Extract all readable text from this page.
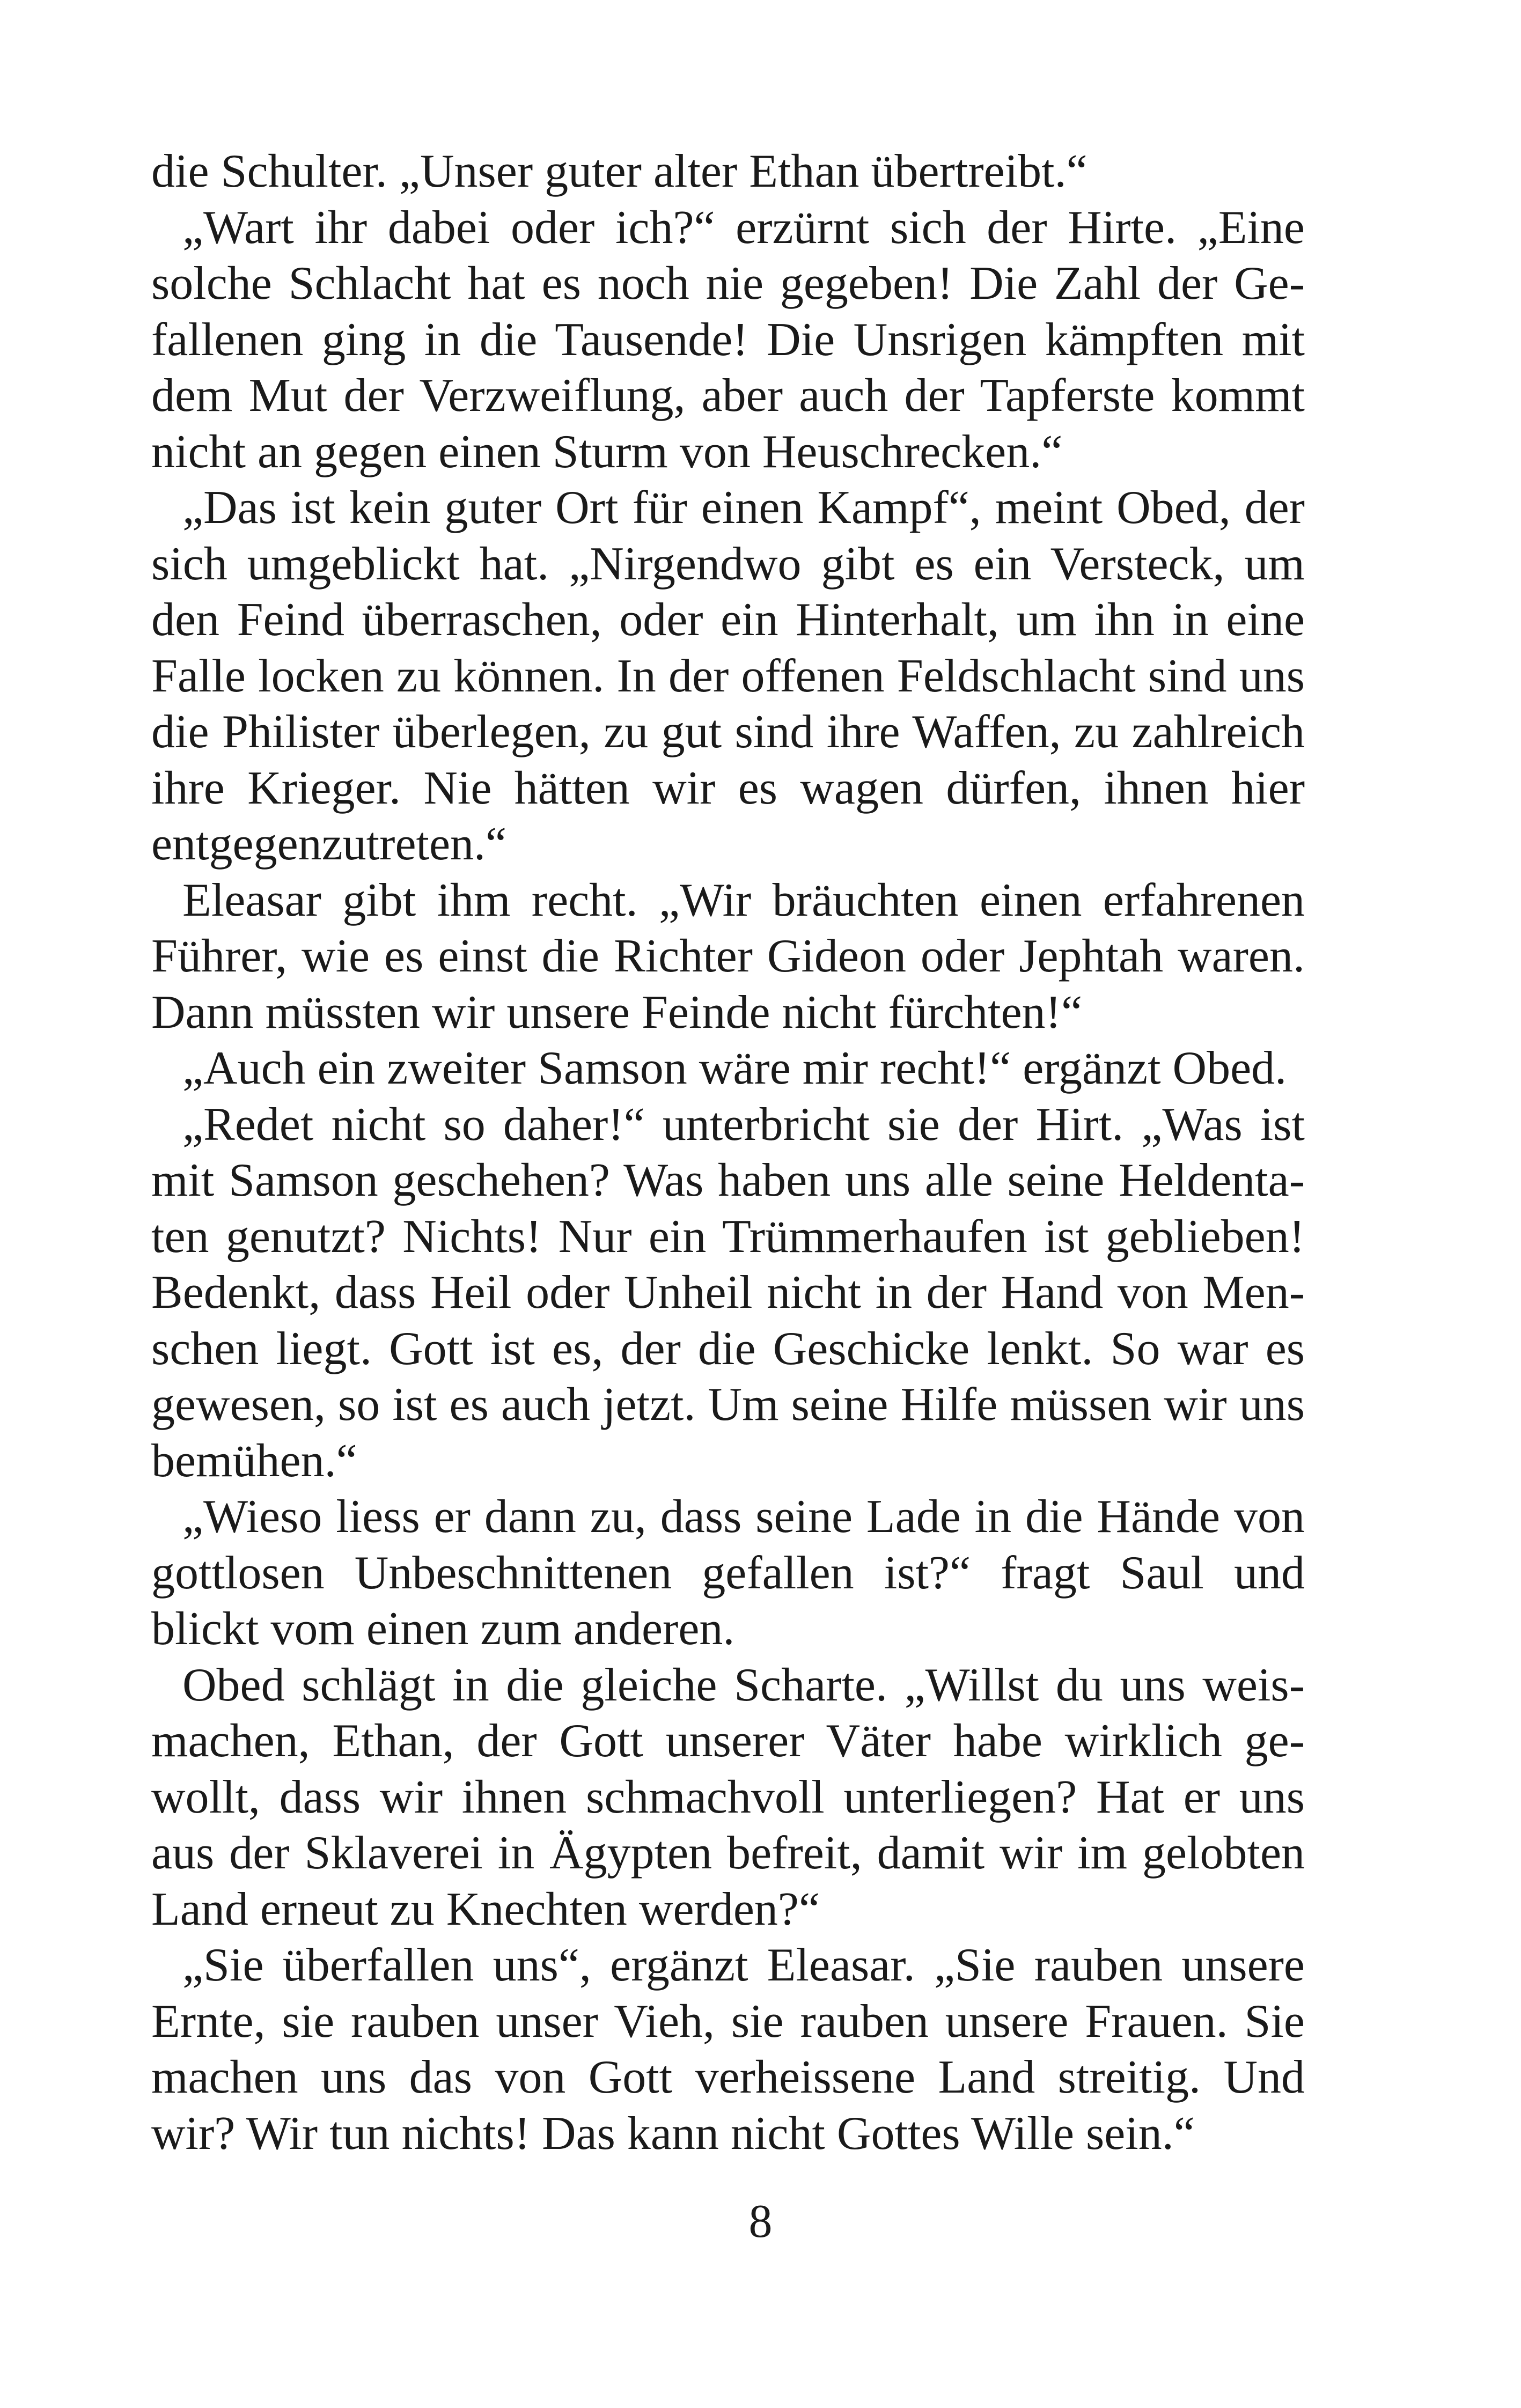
die Schulter. „Unser guter alter Ethan übertreibt.“

„Wart ihr dabei oder ich?“ erzürnt sich der Hirte. „Eine solche Schlacht hat es noch nie gegeben! Die Zahl der Gefallenen ging in die Tausende! Die Unsrigen kämpften mit dem Mut der Verzweiflung, aber auch der Tapferste kommt nicht an gegen einen Sturm von Heuschrecken.“

„Das ist kein guter Ort für einen Kampf“, meint Obed, der sich umgeblickt hat. „Nirgendwo gibt es ein Versteck, um den Feind überraschen, oder ein Hinterhalt, um ihn in eine Falle locken zu können. In der offenen Feldschlacht sind uns die Philister überlegen, zu gut sind ihre Waffen, zu zahlreich ihre Krieger. Nie hätten wir es wagen dürfen, ihnen hier entgegenzutreten.“

Eleasar gibt ihm recht. „Wir bräuchten einen erfahrenen Führer, wie es einst die Richter Gideon oder Jephtah waren. Dann müssten wir unsere Feinde nicht fürchten!“

„Auch ein zweiter Samson wäre mir recht!“ ergänzt Obed.

„Redet nicht so daher!“ unterbricht sie der Hirt. „Was ist mit Samson geschehen? Was haben uns alle seine Heldentaten genutzt? Nichts! Nur ein Trümmerhaufen ist geblieben! Bedenkt, dass Heil oder Unheil nicht in der Hand von Menschen liegt. Gott ist es, der die Geschicke lenkt. So war es gewesen, so ist es auch jetzt. Um seine Hilfe müssen wir uns bemühen.“

„Wieso liess er dann zu, dass seine Lade in die Hände von gottlosen Unbeschnittenen gefallen ist?“ fragt Saul und blickt vom einen zum anderen.

Obed schlägt in die gleiche Scharte. „Willst du uns weismachen, Ethan, der Gott unserer Väter habe wirklich gewollt, dass wir ihnen schmachvoll unterliegen? Hat er uns aus der Sklaverei in Ägypten befreit, damit wir im gelobten Land erneut zu Knechten werden?“

„Sie überfallen uns“, ergänzt Eleasar. „Sie rauben unsere Ernte, sie rauben unser Vieh, sie rauben unsere Frauen. Sie machen uns das von Gott verheissene Land streitig. Und wir? Wir tun nichts! Das kann nicht Gottes Wille sein.“

8
